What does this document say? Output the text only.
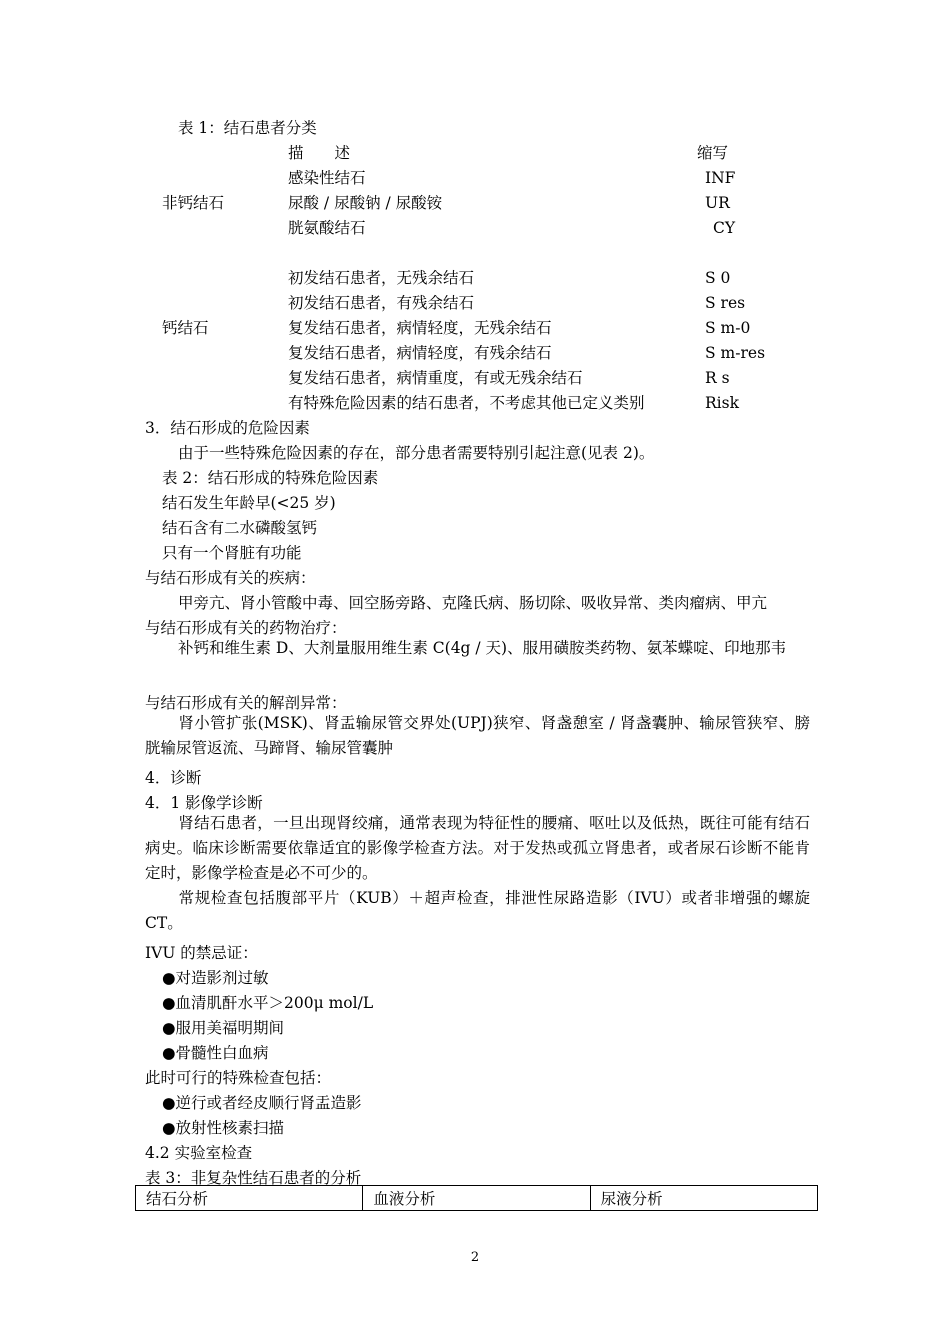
表 1：结石患者分类
描　　述	缩写
非钙结石
感染性结石	INF
尿酸 / 尿酸钠 / 尿酸铵	UR
胱氨酸结石	CY
钙结石
初发结石患者，无残余结石	S 0
初发结石患者，有残余结石	S res
复发结石患者，病情轻度，无残余结石	S m-0
复发结石患者，病情轻度，有残余结石	S m-res
复发结石患者，病情重度，有或无残余结石	R s
有特殊危险因素的结石患者，不考虑其他已定义类别	Risk
3．结石形成的危险因素
由于一些特殊危险因素的存在，部分患者需要特别引起注意(见表 2)。
表 2：结石形成的特殊危险因素
结石发生年龄早(<25 岁)
结石含有二水磷酸氢钙
只有一个肾脏有功能
与结石形成有关的疾病：
甲旁亢、肾小管酸中毒、回空肠旁路、克隆氏病、肠切除、吸收异常、类肉瘤病、甲亢
与结石形成有关的药物治疗：
补钙和维生素 D、大剂量服用维生素 C(4g / 天)、服用磺胺类药物、氨苯蝶啶、印地那韦
与结石形成有关的解剖异常：
肾小管扩张(MSK)、肾盂输尿管交界处(UPJ)狭窄、肾盏憩室 / 肾盏囊肿、输尿管狭窄、膀胱输尿管返流、马蹄肾、输尿管囊肿
4．诊断
4．1 影像学诊断
肾结石患者，一旦出现肾绞痛，通常表现为特征性的腰痛、呕吐以及低热，既往可能有结石病史。临床诊断需要依靠适宜的影像学检查方法。对于发热或孤立肾患者，或者尿石诊断不能肯定时，影像学检查是必不可少的。
常规检查包括腹部平片（KUB）＋超声检查，排泄性尿路造影（IVU）或者非增强的螺旋 CT。
IVU 的禁忌证：
●对造影剂过敏
●血清肌酐水平＞200μ mol/L
●服用美福明期间
●骨髓性白血病
此时可行的特殊检查包括：
●逆行或者经皮顺行肾盂造影
●放射性核素扫描
4.2 实验室检查
表 3：非复杂性结石患者的分析
结石分析	血液分析	尿液分析
2
